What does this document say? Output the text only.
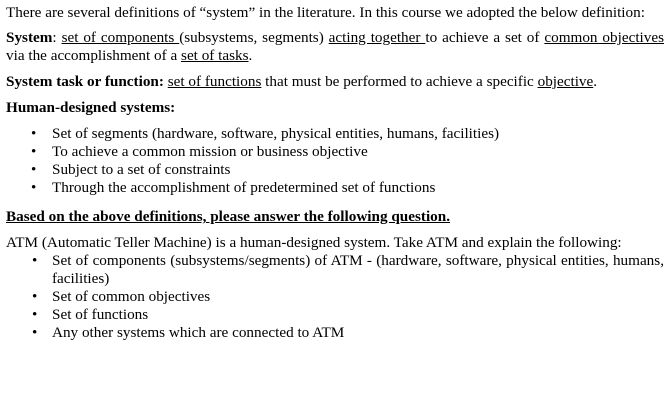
There are several definitions of “system” in the literature. In this course we adopted the below definition:

System: set of components (subsystems, segments) acting together to achieve a set of common objectives via the accomplishment of a set of tasks.

System task or function: set of functions that must be performed to achieve a specific objective.

Human-designed systems:

• Set of segments (hardware, software, physical entities, humans, facilities)
• To achieve a common mission or business objective
• Subject to a set of constraints
• Through the accomplishment of predetermined set of functions

Based on the above definitions, please answer the following question.

ATM (Automatic Teller Machine) is a human-designed system. Take ATM and explain the following:

• Set of components (subsystems/segments) of ATM - (hardware, software, physical entities, humans, facilities)
• Set of common objectives
• Set of functions
• Any other systems which are connected to ATM
